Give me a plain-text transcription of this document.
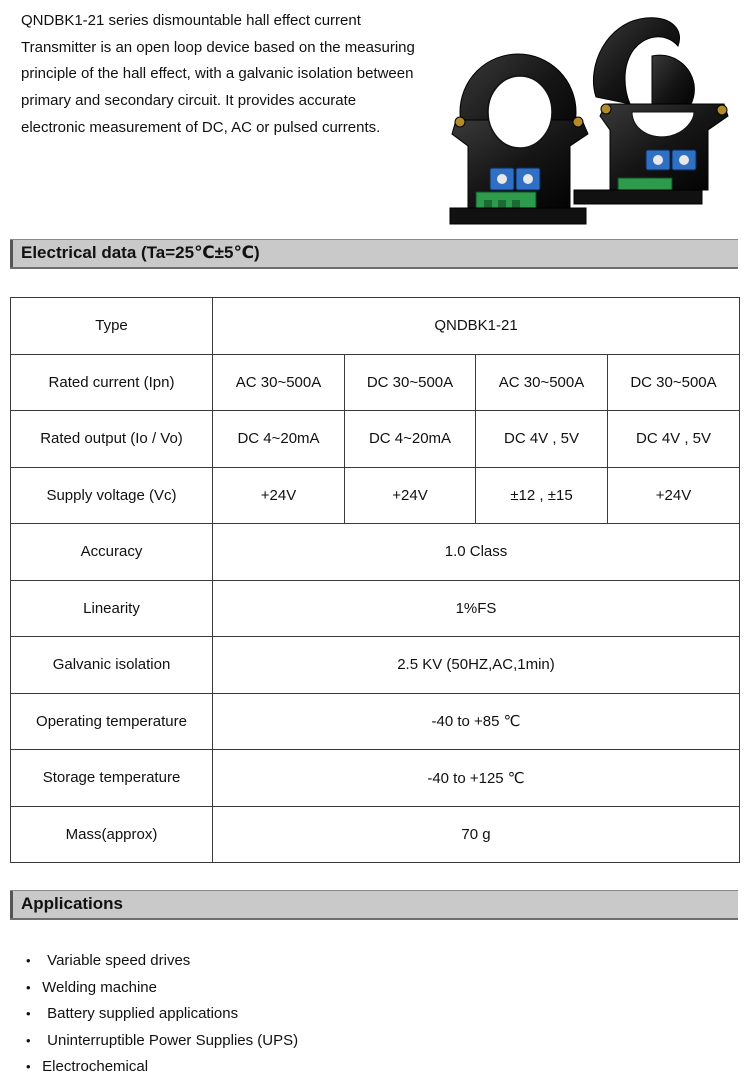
QNDBK1-21 series dismountable hall effect current
Transmitter is an open loop device based on the measuring
principle of the hall effect, with a galvanic isolation between
primary and secondary circuit. It provides accurate
electronic measurement of DC, AC or pulsed currents.

Electrical data (Ta=25℃±5℃)
Type	QNDBK1-21			
Rated current (Ipn)	AC 30~500A	DC 30~500A	AC 30~500A	DC 30~500A
Rated output (Io / Vo)	DC 4~20mA	DC 4~20mA	DC 4V , 5V	DC 4V , 5V
Supply voltage (Vc)	+24V	+24V	±12 , ±15	+24V
Accuracy	1.0 Class			
Linearity	1%FS			
Galvanic isolation	2.5 KV (50HZ,AC,1min)			
Operating temperature	-40 to +85 ℃			
Storage temperature	-40 to +125 ℃			
Mass(approx)	70 g			
Applications
• Variable speed drives
• Welding machine
• Battery supplied applications
• Uninterruptible Power Supplies (UPS)
• Electrochemical
